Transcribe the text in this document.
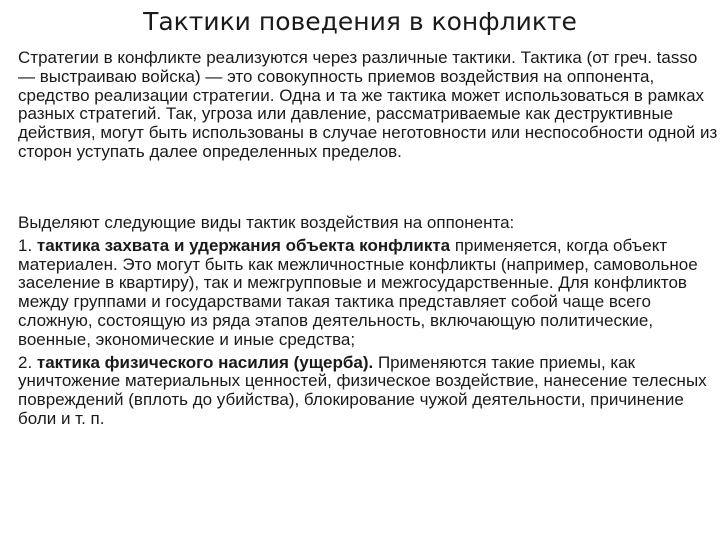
Тактики поведения в конфликте

Стратегии в конфликте реализуются через различные тактики. Тактика (от греч. tasso — выстраиваю войска) — это совокупность приемов воздействия на оппонента, средство реализации стратегии. Одна и та же тактика может использоваться в рамках разных стратегий. Так, угроза или давление, рассматриваемые как деструктивные действия, могут быть использованы в случае неготовности или неспособности одной из сторон уступать далее определенных пределов.

Выделяют следующие виды тактик воздействия на оппонента:

1. тактика захвата и удержания объекта конфликта применяется, когда объект материален. Это могут быть как межличностные конфликты (например, самовольное заселение в квартиру), так и межгрупповые и межгосударственные. Для конфликтов между группами и государствами такая тактика представляет собой чаще всего сложную, состоящую из ряда этапов деятельность, включающую политические, военные, экономические и иные средства;

2. тактика физического насилия (ущерба). Применяются такие приемы, как уничтожение материальных ценностей, физическое воздействие, нанесение телесных повреждений (вплоть до убийства), блокирование чужой деятельности, причинение боли и т. п.
